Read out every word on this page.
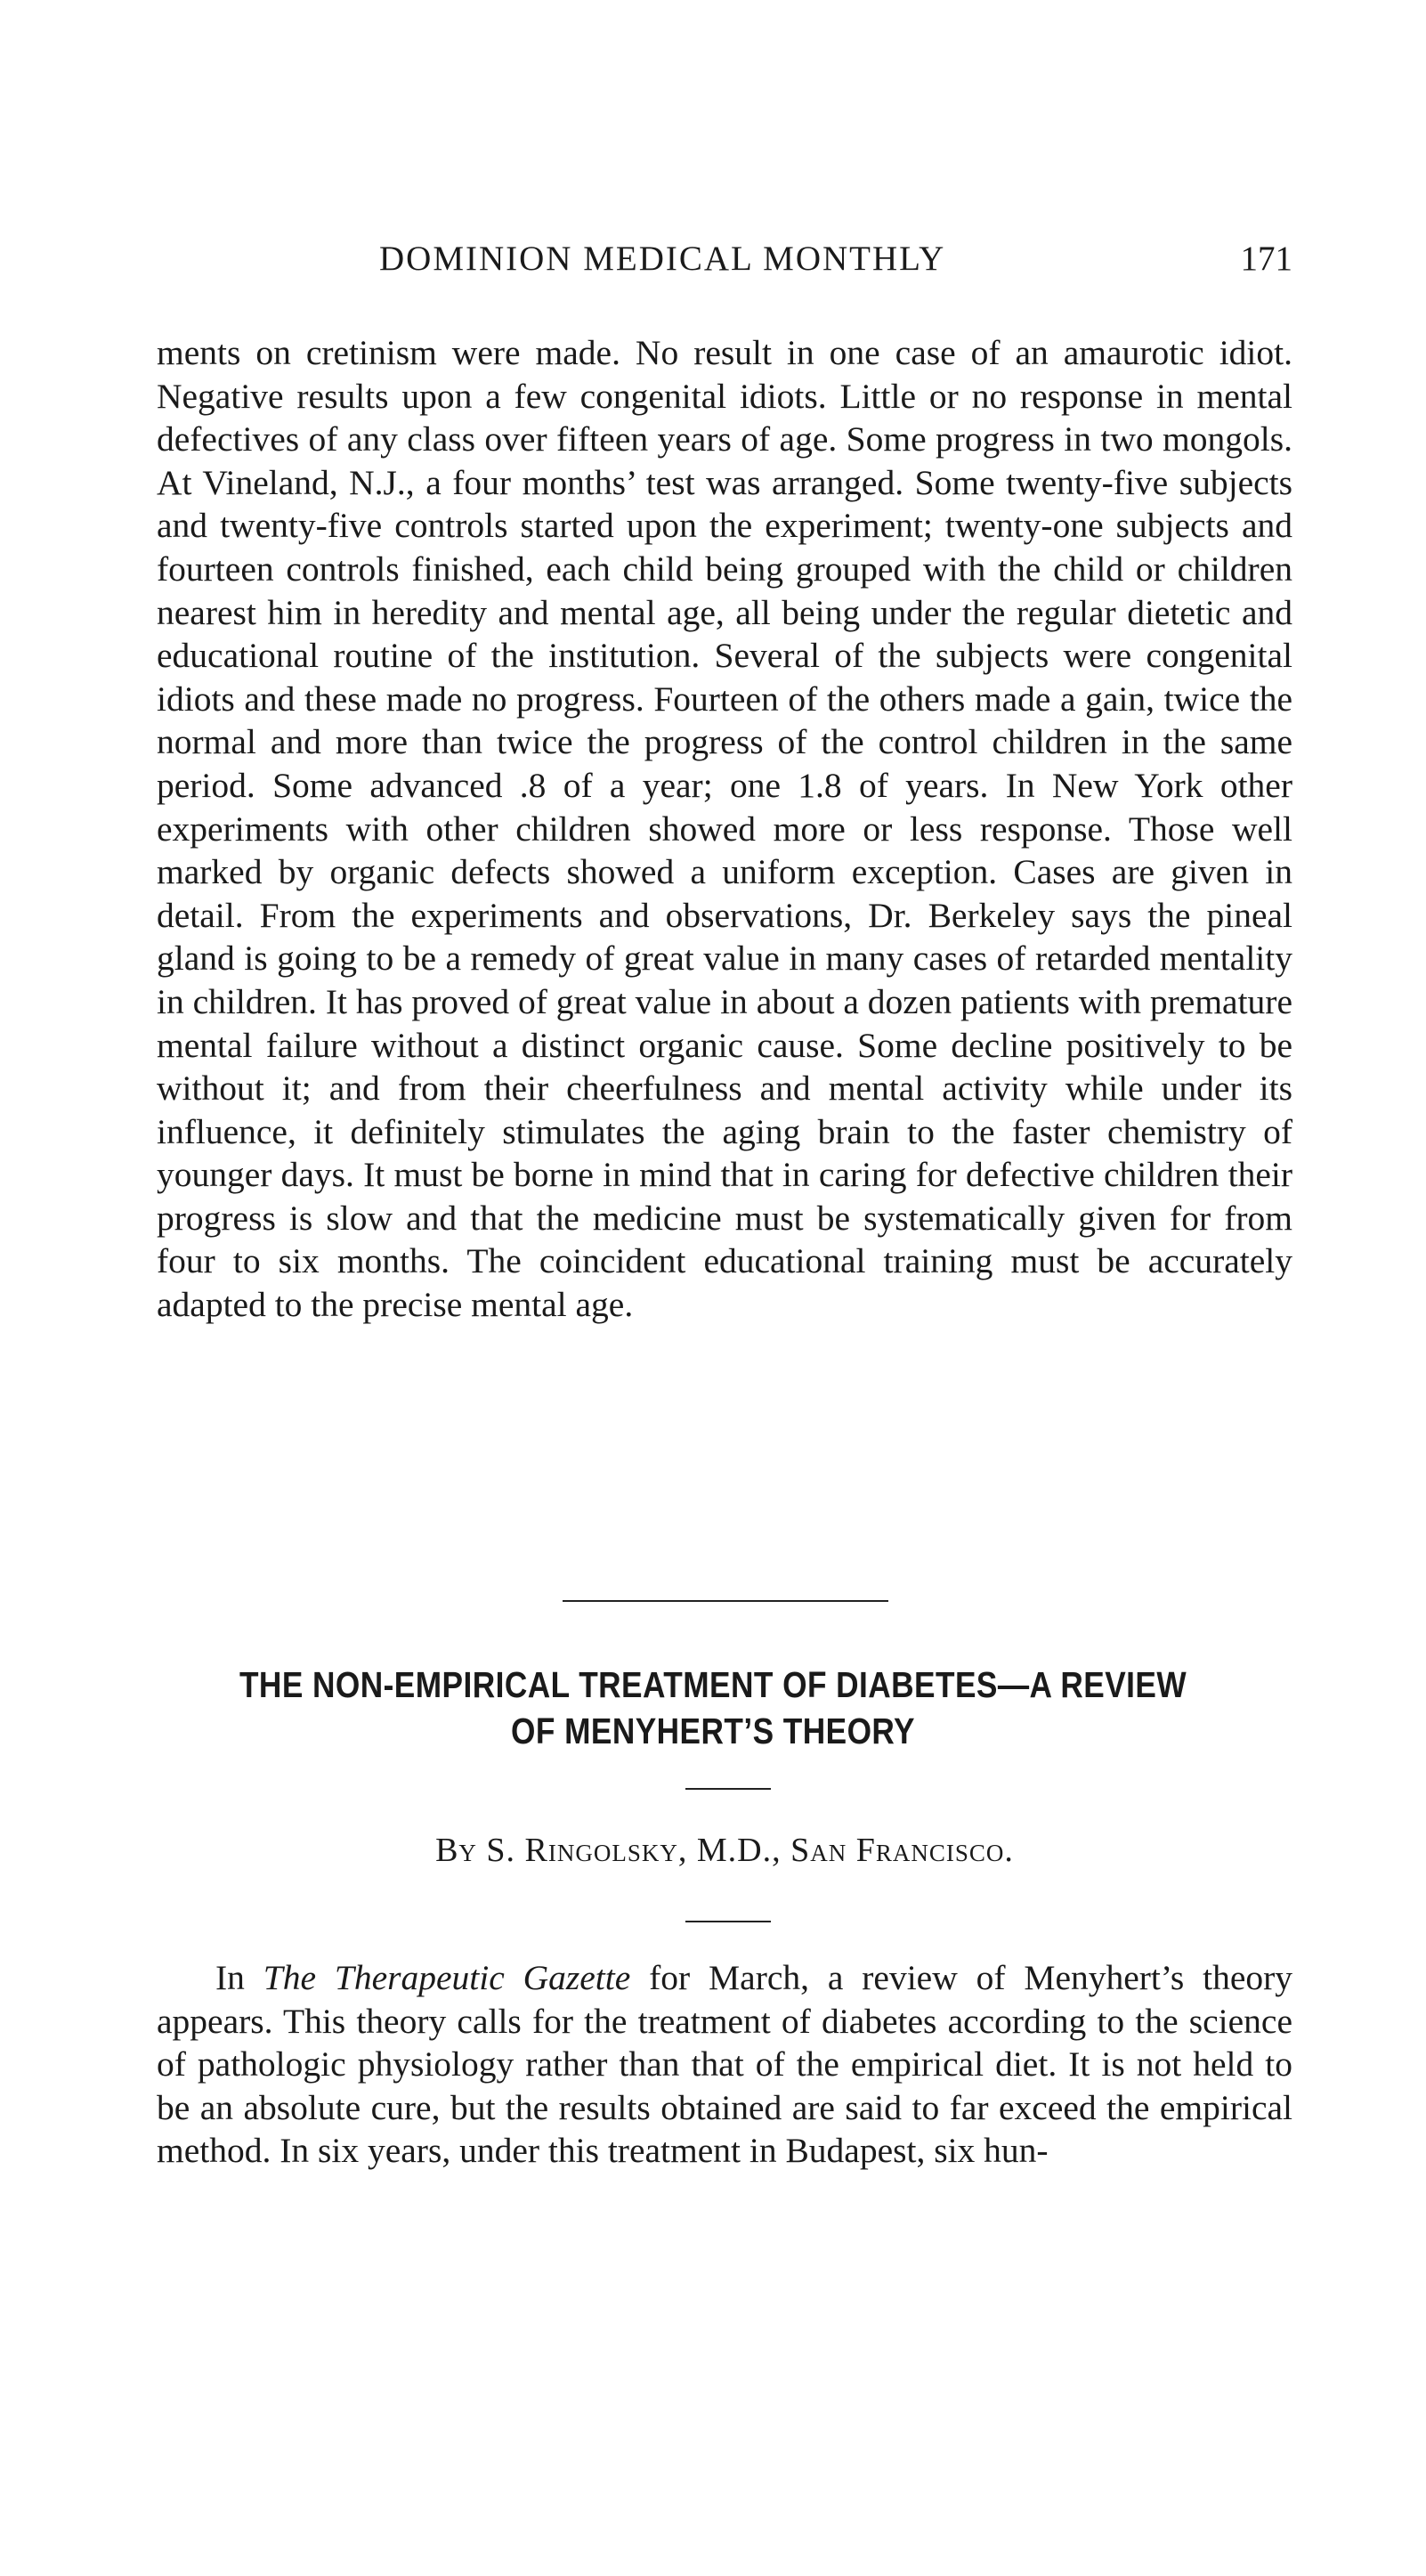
DOMINION MEDICAL MONTHLY	171

ments on cretinism were made. No result in one case of an amaurotic idiot. Negative results upon a few congenital idiots. Little or no response in mental defectives of any class over fifteen years of age. Some progress in two mongols. At Vineland, N.J., a four months’ test was arranged. Some twenty-five subjects and twenty-five controls started upon the experiment; twenty-one subjects and fourteen controls finished, each child being grouped with the child or children nearest him in heredity and mental age, all being under the regular dietetic and educational routine of the institution. Several of the subjects were congenital idiots and these made no progress. Fourteen of the others made a gain, twice the normal and more than twice the progress of the control children in the same period. Some advanced .8 of a year; one 1.8 of years. In New York other experiments with other children showed more or less response. Those well marked by organic defects showed a uniform exception. Cases are given in detail. From the experiments and observations, Dr. Berkeley says the pineal gland is going to be a remedy of great value in many cases of retarded mentality in children. It has proved of great value in about a dozen patients with premature mental failure without a distinct organic cause. Some decline positively to be without it; and from their cheerfulness and mental activity while under its influence, it definitely stimulates the aging brain to the faster chemistry of younger days. It must be borne in mind that in caring for defective children their progress is slow and that the medicine must be systematically given for from four to six months. The coincident educational training must be accurately adapted to the precise mental age.

THE NON-EMPIRICAL TREATMENT OF DIABETES—A REVIEW OF MENYHERT’S THEORY
By S. Ringolsky, M.D., San Francisco.

In The Therapeutic Gazette for March, a review of Menyhert’s theory appears. This theory calls for the treatment of diabetes according to the science of pathologic physiology rather than that of the empirical diet. It is not held to be an absolute cure, but the results obtained are said to far exceed the empirical method. In six years, under this treatment in Budapest, six hun-
